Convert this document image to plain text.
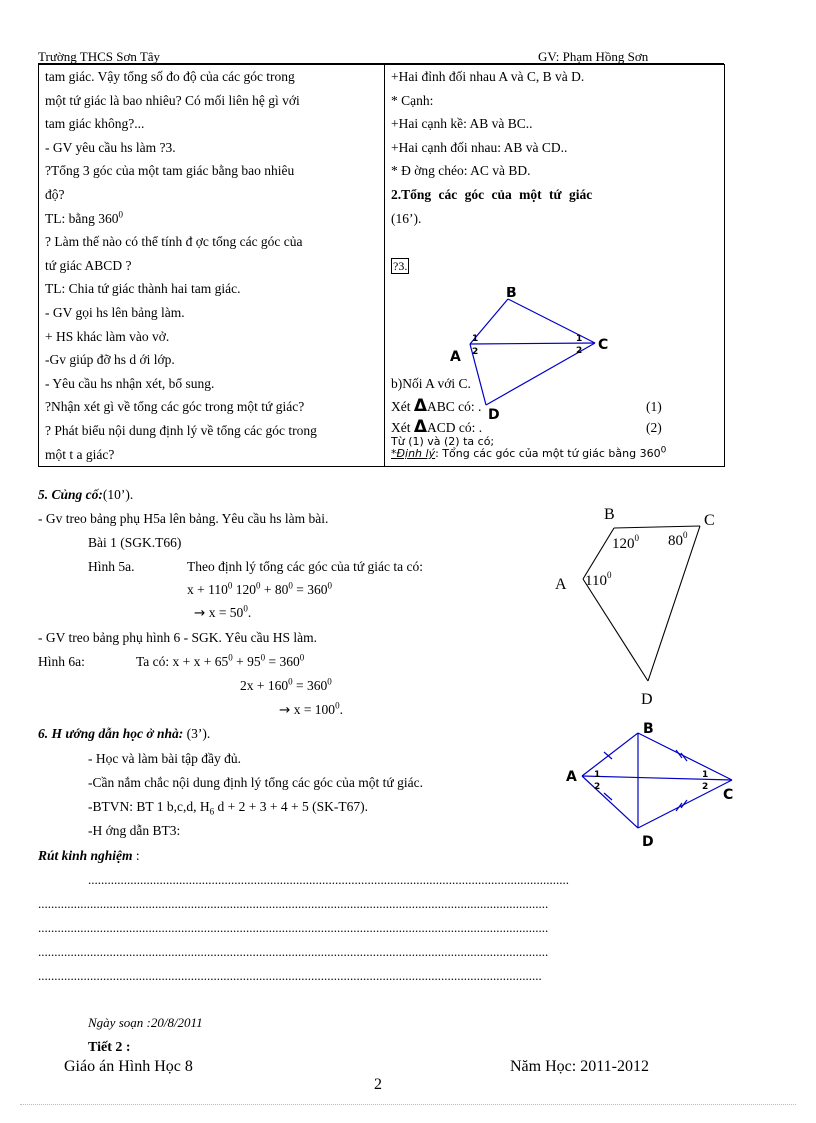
Trường THCS Sơn Tây	GV: Phạm Hồng Sơn
tam giác. Vậy tổng số đo độ của các góc trong
một tứ giác là bao nhiêu? Có mối liên hệ gì với
tam giác không?...
- GV yêu cầu hs làm ?3.
?Tổng 3 góc của một tam giác bằng bao nhiêu
độ?
TL: bằng $360^0$
? Làm thế nào có thể tính đ ợc tổng các góc của
tứ giác ABCD ?
TL: Chia tứ giác thành hai tam giác.
- GV gọi hs lên bảng làm.
+ HS khác làm vào vở.
-Gv giúp đỡ hs d ới lớp.
- Yêu cầu hs nhận xét, bổ sung.
?Nhận xét gì về tổng các góc trong một tứ giác?
? Phát biểu nội dung định lý về tổng các góc trong
một t a giác?

+Hai đỉnh đối nhau A và C, B và D.
* Cạnh:
+Hai cạnh kề: AB và BC..
+Hai cạnh đối nhau: AB và CD..
* Đ ờng chéo: AC và BD.
2.Tổng các góc của một tứ giác
(16’).
?3.
b)Nối A với C.
Xét ΔABC có: .	(1)
Xét ΔACD có: .	(2)
Từ (1) và (2) ta có;
*Định lý: Tổng các góc của một tứ giác bằng $360^0$
B
C
A
D
1
2
1
2
5. Củng cố:(10’).
- Gv treo bảng phụ H5a lên bảng. Yêu cầu hs làm bài.
Bài 1 (SGK.T66)
Hình 5a.	Theo định lý tổng các góc của tứ giác ta có:
$x + 110^0$ $120^0 + 80^0 = 360^0$
→ $x = 50^0$.
- GV treo bảng phụ hình 6 - SGK. Yêu cầu HS làm.
Hình 6a:	Ta có: $x + x + 65^0 + 95^0 = 360^0$
$2x + 160^0 = 360^0$
→ $x = 100^0$.
B	C
A
D
$120^0$ $80^0$
$110^0$
6. H ướng dẫn học ở nhà: (3’).
- Học và làm bài tập đầy đủ.
-Cần nắm chắc nội dung định lý tổng các góc của một tứ giác.
-BTVN: BT 1 b,c,d, $H_6$ d + 2 + 3 + 4 + 5 (SK-T67).
-H ớng dẫn BT3:
B
C
A
D
1
2
1
2
Rút kinh nghiệm :
....................................................................................................................................................
.............................................................................................................................................................
.............................................................................................................................................................
.............................................................................................................................................................
...........................................................................................................................................................
Ngày soạn :20/8/2011
Tiết 2 :
Giáo án Hình Học 8	Năm Học: 2011-2012
2
